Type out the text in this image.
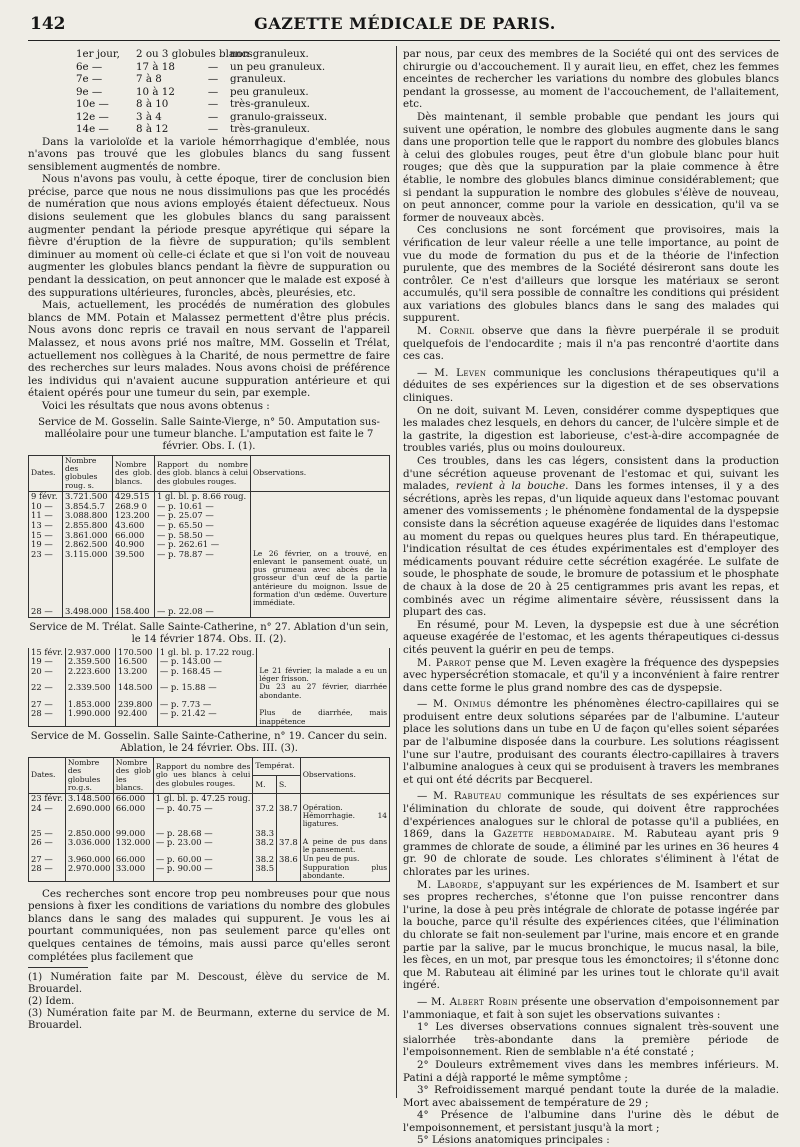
142	GAZETTE MÉDICALE DE PARIS.
1er jour,	2 ou 3 globules blancs
non granuleux.
6e —	17 à 18	—	un peu granuleux.
7e —	7 à 8	—	granuleux.
9e —	10 à 12	—	peu granuleux.
10e —	8 à 10	—	très-granuleux.
12e —	3 à 4	—	granulo-graisseux.
14e —	8 à 12	—	très-granuleux.

Dans la varioloïde et la variole hémorrhagique d'emblée, nous n'avons pas trouvé que les globules blancs du sang fussent sensiblement augmentés de nombre.

Nous n'avons pas voulu, à cette époque, tirer de conclusion bien précise, parce que nous ne nous dissimulions pas que les procédés de numération que nous avions employés étaient défectueux. Nous disions seulement que les globules blancs du sang paraissent augmenter pendant la période presque apyrétique qui sépare la fièvre d'éruption de la fièvre de suppuration; qu'ils semblent diminuer au moment où celle-ci éclate et que si l'on voit de nouveau augmenter les globules blancs pendant la fièvre de suppuration ou pendant la dessication, on peut annoncer que le malade est exposé à des suppurations ultérieures, furoncles, abcès, pleurésies, etc.

Mais, actuellement, les procédés de numération des globules blancs de MM. Potain et Malassez permettent d'être plus précis. Nous avons donc repris ce travail en nous servant de l'appareil Malassez, et nous avons prié nos maître, MM. Gosselin et Trélat, actuellement nos collègues à la Charité, de nous permettre de faire des recherches sur leurs malades. Nous avons choisi de préférence les individus qui n'avaient aucune suppuration antérieure et qui étaient opérés pour une tumeur du sein, par exemple.

Voici les résultats que nous avons obtenus :

Service de M. Gosselin. Salle Sainte-Vierge, n° 50. Amputation sus-malléolaire pour une tumeur blanche. L'amputation est faite le 7 février. Obs. I. (1).
Dates.	Nombre des globules roug. s.	Nombre des glob. blancs.	Rapport du nombre des glob. blancs à celui des globules rouges.	Observations.
9 févr.	3.721.500	429.515	1 gl. bl. p. 8.66 roug.	
10 —	3.854.5.7	268.9 0	— p. 10.61 —	
11 —	3.088.800	123.200	— p. 25.07 —	
13 —	2.855.800	43.600	— p. 65.50 —	
15 —	3.861.000	66.000	— p. 58.50 —	
19 —	2.862.500	40.900	— p. 262.61 —	
23 —	3.115.000	39.500	— p. 78.87 —	Le 26 février, on a trouvé, en enlevant le pansement ouaté, un pus grumeau avec abcès de la grosseur d'un œuf de la partie antérieure du moignon. Issue de formation d'un œdème. Ouverture immédiate.
28 —	3.498.000	158.400	— p. 22.08 —	
Service de M. Trélat. Salle Sainte-Catherine, n° 27. Ablation d'un sein, le 14 février 1874. Obs. II. (2).
15 févr.	2.937.000	170.500	1 gl. bl. p. 17.22 roug.	
19 —	2.359.500	16.500	— p. 143.00 —	
20 —	2.223.600	13.200	— p. 168.45 —	Le 21 février, la malade a eu un léger frisson.
22 —	2.339.500	148.500	— p. 15.88 —	Du 23 au 27 février, diarrhée abondante.
27 —	1.853.000	239.800	— p. 7.73 —	
28 —	1.990.000	92.400	— p. 21.42 —	Plus de diarrhée, mais inappétence
Service de M. Gosselin. Salle Sainte-Catherine, n° 19. Cancer du sein. Ablation, le 24 février. Obs. III. (3).
Dates.	Nombre des globules ro.g.s.	Nombre des glob les blancs.	Rapport du nombre des glo ues blancs à celui des globules rouges.	Températ.		Observations.
				M.	S.	
23 févr.	3.148.500	66.000	1 gl. bl. p. 47.25 roug.			
24 —	2.690.000	66.000	— p. 40.75 —	37.2	38.7	Opération. Hémorrhagie. 14 ligatures.
25 —	2.850.000	99.000	— p. 28.68 —	38.3		
26 —	3.036.000	132.000	— p. 23.00 —	38.2	37.8	A peine de pus dans le pansement.
27 —	3.960.000	66.000	— p. 60.00 —	38.2	38.6	Un peu de pus.
28 —	2.970.000	33.000	— p. 90.00 —	38.5		Suppuration plus abondante.

Ces recherches sont encore trop peu nombreuses pour que nous pensions à fixer les conditions de variations du nombre des globules blancs dans le sang des malades qui suppurent. Je vous les ai pourtant communiquées, non pas seulement parce qu'elles ont quelques centaines de témoins, mais aussi parce qu'elles seront complétées plus facilement que

(1) Numération faite par M. Descoust, élève du service de M. Brouardel.

(2) Idem.

(3) Numération faite par M. de Beurmann, externe du service de M. Brouardel.

par nous, par ceux des membres de la Société qui ont des services de chirurgie ou d'accouchement. Il y aurait lieu, en effet, chez les femmes enceintes de rechercher les variations du nombre des globules blancs pendant la grossesse, au moment de l'accouchement, de l'allaitement, etc.

Dès maintenant, il semble probable que pendant les jours qui suivent une opération, le nombre des globules augmente dans le sang dans une proportion telle que le rapport du nombre des globules blancs à celui des globules rouges, peut être d'un globule blanc pour huit rouges; que dès que la suppuration par la plaie commence à être établie, le nombre des globules blancs diminue considérablement; que si pendant la suppuration le nombre des globules s'élève de nouveau, on peut annoncer, comme pour la variole en dessication, qu'il va se former de nouveaux abcès.

Ces conclusions ne sont forcément que provisoires, mais la vérification de leur valeur réelle a une telle importance, au point de vue du mode de formation du pus et de la théorie de l'infection purulente, que des membres de la Société désireront sans doute les contrôler. Ce n'est d'ailleurs que lorsque les matériaux se seront accumulés, qu'il sera possible de connaître les conditions qui président aux variations des globules blancs dans le sang des malades qui suppurent.

M. Cornil observe que dans la fièvre puerpérale il se produit quelquefois de l'endocardite ; mais il n'a pas rencontré d'aortite dans ces cas.

— M. Leven communique les conclusions thérapeutiques qu'il a déduites de ses expériences sur la digestion et de ses observations cliniques.

On ne doit, suivant M. Leven, considérer comme dyspeptiques que les malades chez lesquels, en dehors du cancer, de l'ulcère simple et de la gastrite, la digestion est laborieuse, c'est-à-dire accompagnée de troubles variés, plus ou moins douloureux.

Ces troubles, dans les cas légers, consistent dans la production d'une sécrétion aqueuse provenant de l'estomac et qui, suivant les malades, revient à la bouche. Dans les formes intenses, il y a des sécrétions, après les repas, d'un liquide aqueux dans l'estomac pouvant amener des vomissements ; le phénomène fondamental de la dyspepsie consiste dans la sécrétion aqueuse exagérée de liquides dans l'estomac au moment du repas ou quelques heures plus tard. En thérapeutique, l'indication résultat de ces études expérimentales est d'employer des médicaments pouvant réduire cette sécrétion exagérée. Le sulfate de soude, le phosphate de soude, le bromure de potassium et le phosphate de chaux à la dose de 20 à 25 centigrammes pris avant les repas, et combinés avec un régime alimentaire sévère, réussissent dans la plupart des cas.

En résumé, pour M. Leven, la dyspepsie est due à une sécrétion aqueuse exagérée de l'estomac, et les agents thérapeutiques ci-dessus cités peuvent la guérir en peu de temps.

M. Parrot pense que M. Leven exagère la fréquence des dyspepsies avec hypersécrétion stomacale, et qu'il y a inconvénient à faire rentrer dans cette forme le plus grand nombre des cas de dyspepsie.

— M. Onimus démontre les phénomènes électro-capillaires qui se produisent entre deux solutions séparées par de l'albumine. L'auteur place les solutions dans un tube en U de façon qu'elles soient séparées par de l'albumine disposée dans la courbure. Les solutions réagissent l'une sur l'autre, produisant des courants électro-capillaires à travers l'albumine analogues à ceux qui se produisent à travers les membranes et qui ont été décrits par Becquerel.

— M. Rabuteau communique les résultats de ses expériences sur l'élimination du chlorate de soude, qui doivent être rapprochées d'expériences analogues sur le chloral de potasse qu'il a publiées, en 1869, dans la Gazette hebdomadaire. M. Rabuteau ayant pris 9 grammes de chlorate de soude, a éliminé par les urines en 36 heures 4 gr. 90 de chlorate de soude. Les chlorates s'éliminent à l'état de chlorates par les urines.

M. Laborde, s'appuyant sur les expériences de M. Isambert et sur ses propres recherches, s'étonne que l'on puisse rencontrer dans l'urine, la dose à peu près intégrale de chlorate de potasse ingérée par la bouche, parce qu'il résulte des expériences citées, que l'élimination du chlorate se fait non-seulement par l'urine, mais encore et en grande partie par la salive, par le mucus bronchique, le mucus nasal, la bile, les fèces, en un mot, par presque tous les émonctoires; il s'étonne donc que M. Rabuteau ait éliminé par les urines tout le chlorate qu'il avait ingéré.

— M. Albert Robin présente une observation d'empoisonnement par l'ammoniaque, et fait à son sujet les observations suivantes :

1° Les diverses observations connues signalent très-souvent une sialorrhée très-abondante dans la première période de l'empoisonnement. Rien de semblable n'a été constaté ;

2° Douleurs extrêmement vives dans les membres inférieurs. M. Patini a déjà rapporté le même symptôme ;

3° Refroidissement marqué pendant toute la durée de la maladie. Mort avec abaissement de température de 29 ;

4° Présence de l'albumine dans l'urine dès le début de l'empoisonnement, et persistant jusqu'à la mort ;

5° Lésions anatomiques principales :
